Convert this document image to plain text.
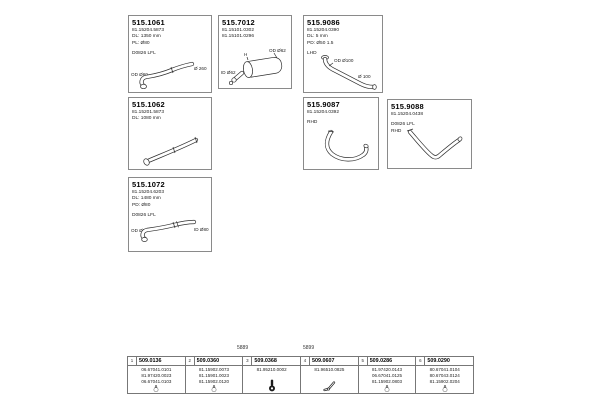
515.1061
81.15204.5873
DL: 1350 mm
PL: Ø80
D0826 LFL
OD Ø60
Ø 260
515.7012
81.15101.0302
81.15101.0296
OD Ø62
H
ID Ø62
515.9086
81.15204.0390
DL: 5 mm
PD: Ø50 1.5
LHD
OD Ø100
Ø 100
515.1062
81.15201.5873
DL: 1080 mm
515.9087
81.15204.0392
RHD
515.9088
81.15204.0438
D0826 LFL
RHD
515.1072
81.15204.6203
DL: 1480 mm
PD: Ø80
D0826 LFL
OD Ø80	ID Ø80
5889	5899
1	509.0136
06.67041.0101
81.97420.0023
06.67041.0103
2	509.0360
81.15902.0073
81.15901.0023
81.15902.0120
3	509.0368
81.95210.0002
4	509.0607
81.96510.0825
5	509.0286
81.97420.0143
06.67041.0125
81.15902.0803
6	509.0290
80.67041.0104
80.67043.0124
81.15902.0204
